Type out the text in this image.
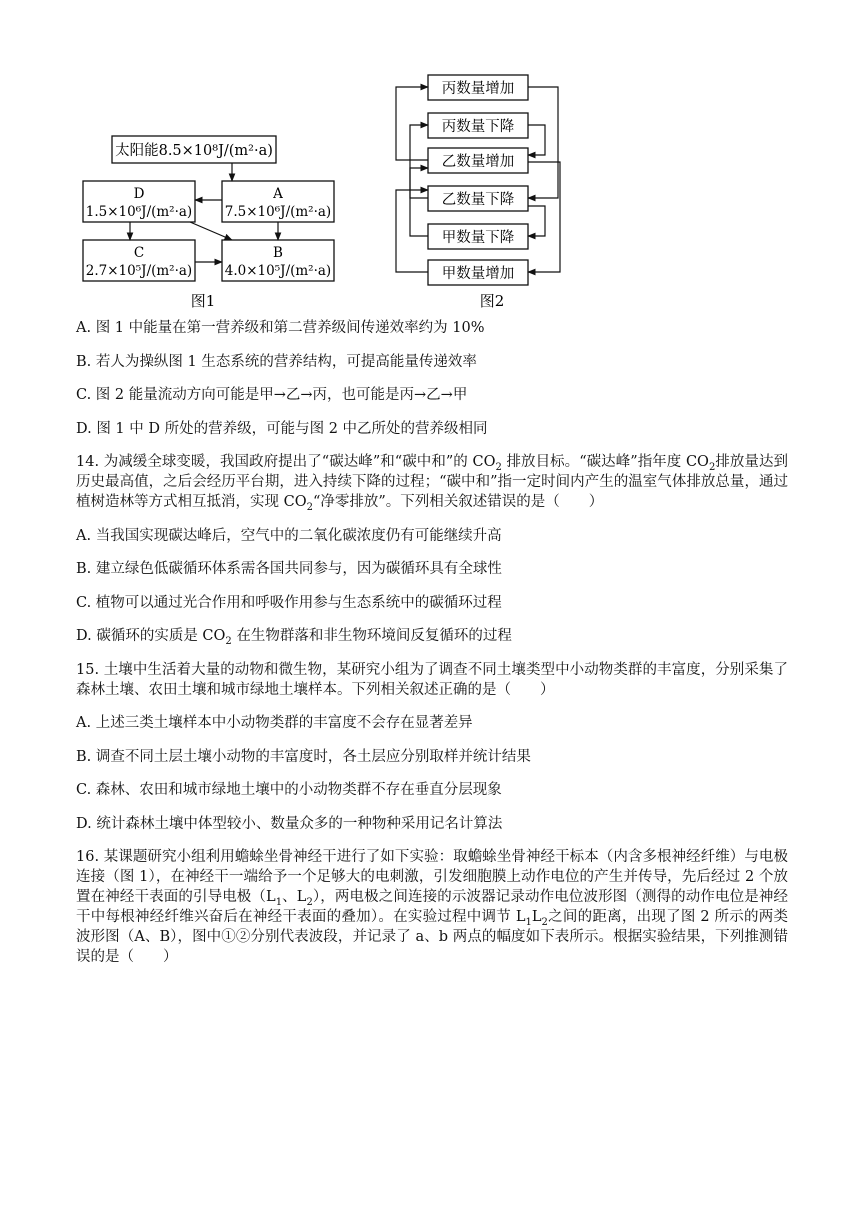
太阳能8.5×10⁸J/(m²·a)
A
7.5×10⁶J/(m²·a)
D
1.5×10⁶J/(m²·a)
C
2.7×10⁵J/(m²·a)
B
4.0×10⁵J/(m²·a)
图1
丙数量增加
丙数量下降
乙数量增加
乙数量下降
甲数量下降
甲数量增加
图2
A. 图 1 中能量在第一营养级和第二营养级间传递效率约为 10%
B. 若人为操纵图 1 生态系统的营养结构，可提高能量传递效率
C. 图 2 能量流动方向可能是甲→乙→丙，也可能是丙→乙→甲
D. 图 1 中 D 所处的营养级，可能与图 2 中乙所处的营养级相同

14. 为减缓全球变暖，我国政府提出了“碳达峰”和“碳中和”的 $CO_2$ 排放目标。“碳达峰”指年度 $CO_2$排放量达到历史最高值，之后会经历平台期，进入持续下降的过程；“碳中和”指一定时间内产生的温室气体排放总量，通过植树造林等方式相互抵消，实现 $CO_2“$净零排放”。下列相关叙述错误的是（　　）

A. 当我国实现碳达峰后，空气中的二氧化碳浓度仍有可能继续升高
B. 建立绿色低碳循环体系需各国共同参与，因为碳循环具有全球性
C. 植物可以通过光合作用和呼吸作用参与生态系统中的碳循环过程
D. 碳循环的实质是 $CO_2$ 在生物群落和非生物环境间反复循环的过程

15. 土壤中生活着大量的动物和微生物，某研究小组为了调查不同土壤类型中小动物类群的丰富度，分别采集了森林土壤、农田土壤和城市绿地土壤样本。下列相关叙述正确的是（　　）

A. 上述三类土壤样本中小动物类群的丰富度不会存在显著差异
B. 调查不同土层土壤小动物的丰富度时，各土层应分别取样并统计结果
C. 森林、农田和城市绿地土壤中的小动物类群不存在垂直分层现象
D. 统计森林土壤中体型较小、数量众多的一种物种采用记名计算法

16. 某课题研究小组利用蟾蜍坐骨神经干进行了如下实验：取蟾蜍坐骨神经干标本（内含多根神经纤维）与电极连接（图 1），在神经干一端给予一个足够大的电刺激，引发细胞膜上动作电位的产生并传导，先后经过 2 个放置在神经干表面的引导电极（$L_1$、$L_2$），两电极之间连接的示波器记录动作电位波形图（测得的动作电位是神经干中每根神经纤维兴奋后在神经干表面的叠加）。在实验过程中调节 $L_1L_2$之间的距离，出现了图 2 所示的两类波形图（A、B），图中①②分别代表波段，并记录了 a、b 两点的幅度如下表所示。根据实验结果，下列推测错误的是（　　）
